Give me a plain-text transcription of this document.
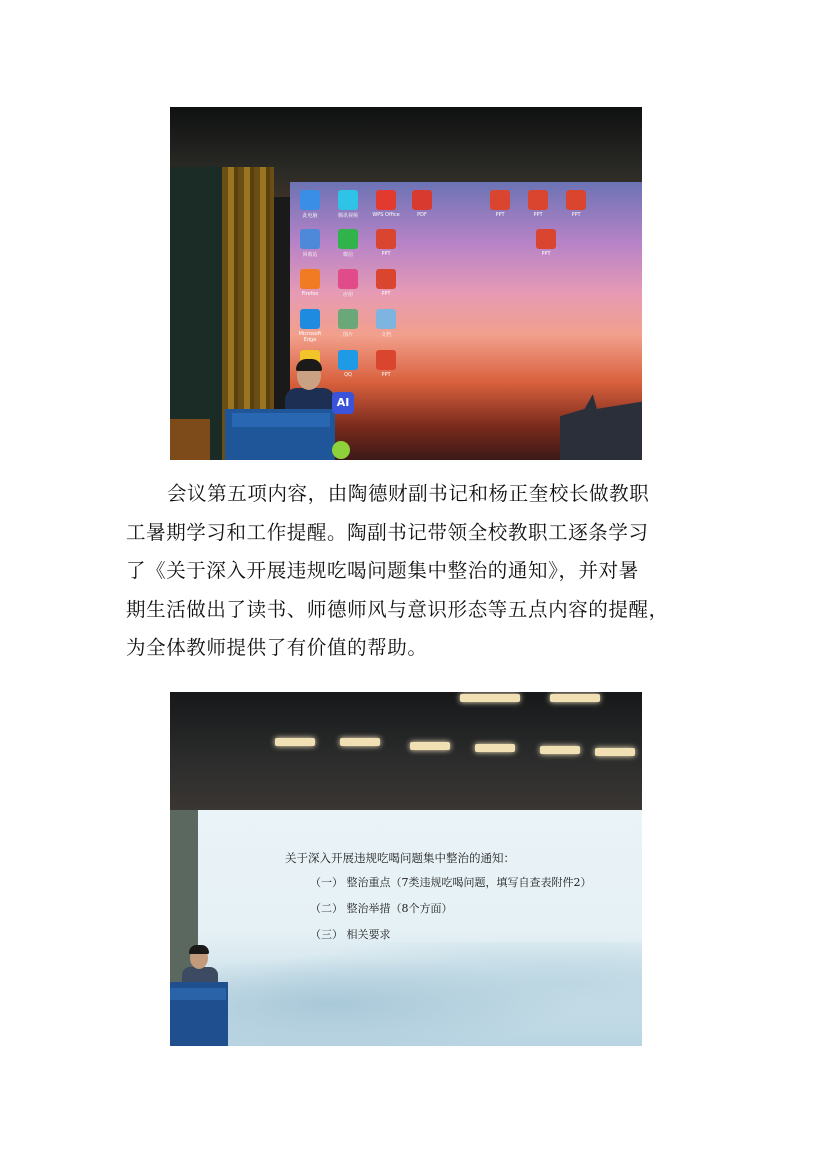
此电脑	腾讯视频	WPS Office	PDF
回收站	微信	PPT
Firefox	应用	PPT
Microsoft Edge
图片	文档
QQ	PPT
PPT	PPT	PPT
PPT
AI

会议第五项内容，由陶德财副书记和杨正奎校长做教职

工暑期学习和工作提醒。陶副书记带领全校教职工逐条学习

了《关于深入开展违规吃喝问题集中整治的通知》，并对暑

期生活做出了读书、师德师风与意识形态等五点内容的提醒，

为全体教师提供了有价值的帮助。

关于深入开展违规吃喝问题集中整治的通知：
（一） 整治重点（7类违规吃喝问题，填写自查表附件2）
（二） 整治举措（8个方面）
（三） 相关要求
